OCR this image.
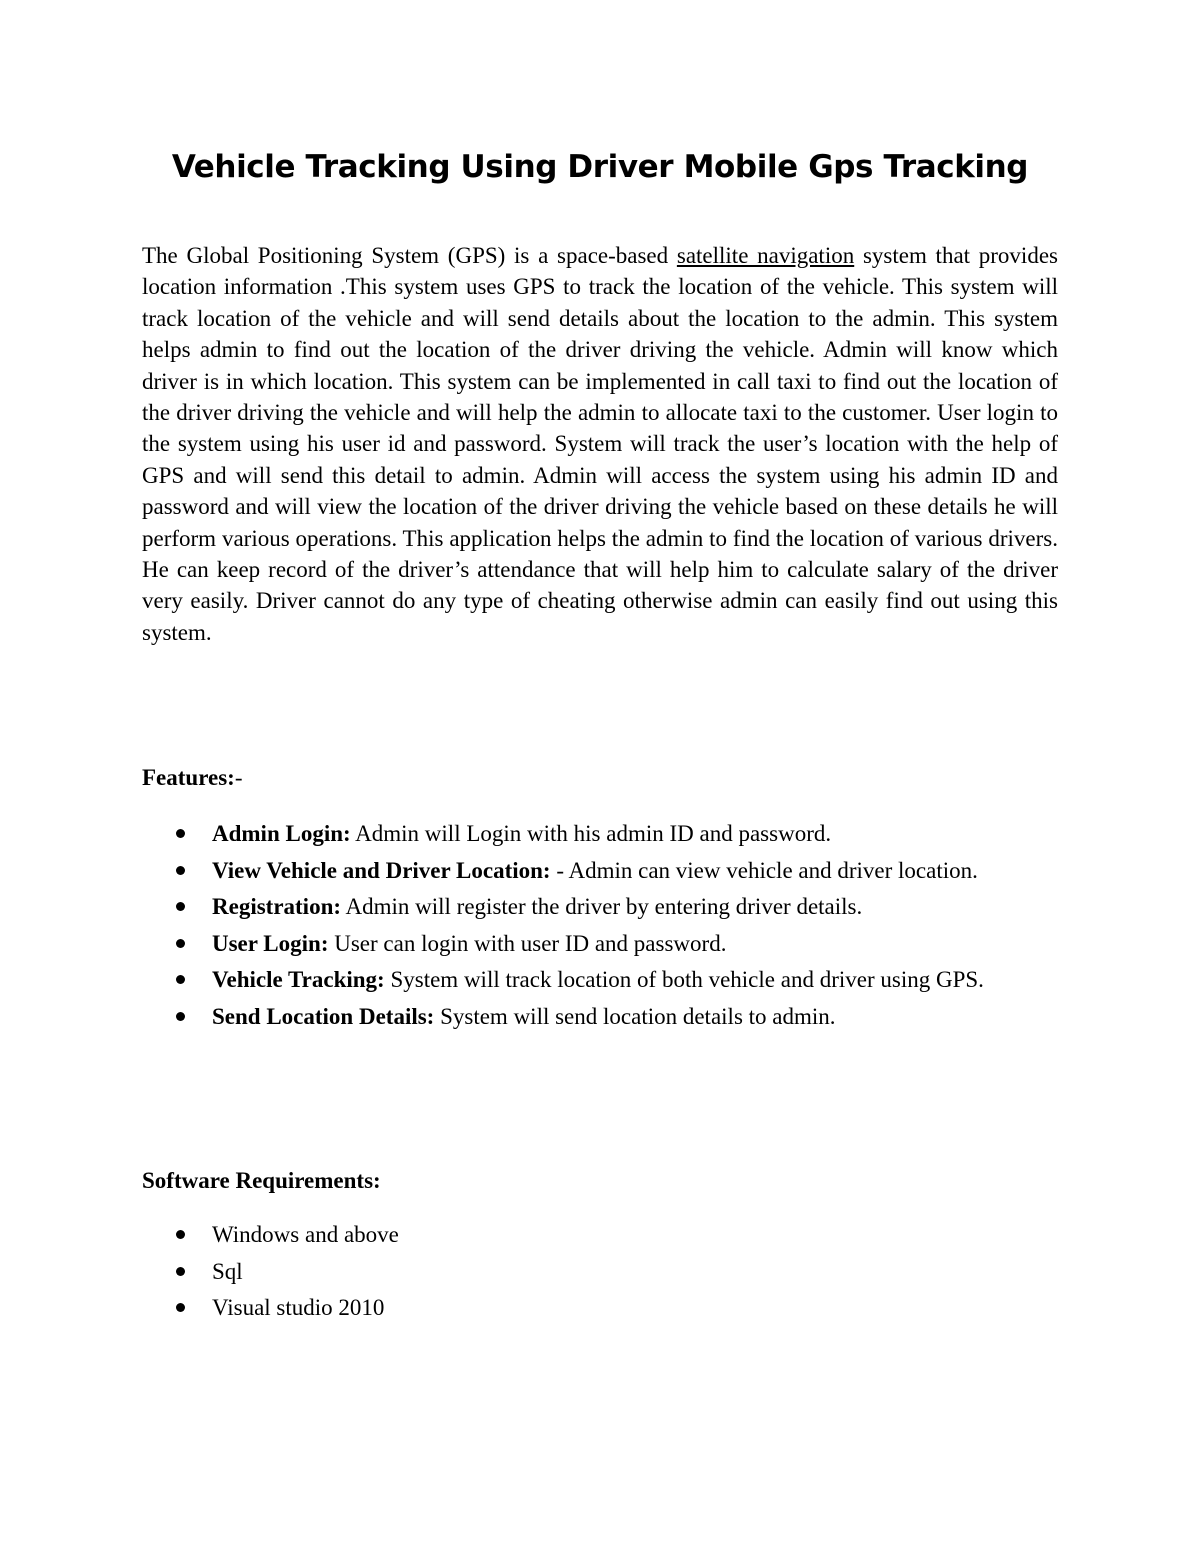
Vehicle Tracking Using Driver Mobile Gps Tracking

The Global Positioning System (GPS) is a space-based satellite navigation system that provides location information .This system uses GPS to track the location of the vehicle. This system will track location of the vehicle and will send details about the location to the admin. This system helps admin to find out the location of the driver driving the vehicle. Admin will know which driver is in which location. This system can be implemented in call taxi to find out the location of the driver driving the vehicle and will help the admin to allocate taxi to the customer. User login to the system using his user id and password. System will track the user’s location with the help of GPS and will send this detail to admin. Admin will access the system using his admin ID and password and will view the location of the driver driving the vehicle based on these details he will perform various operations. This application helps the admin to find the location of various drivers. He can keep record of the driver’s attendance that will help him to calculate salary of the driver very easily. Driver cannot do any type of cheating otherwise admin can easily find out using this system.

Features:-

Admin Login: Admin will Login with his admin ID and password.
View Vehicle and Driver Location: - Admin can view vehicle and driver location.
Registration: Admin will register the driver by entering driver details.
User Login: User can login with user ID and password.
Vehicle Tracking: System will track location of both vehicle and driver using GPS.
Send Location Details: System will send location details to admin.

Software Requirements:

Windows and above
Sql
Visual studio 2010
